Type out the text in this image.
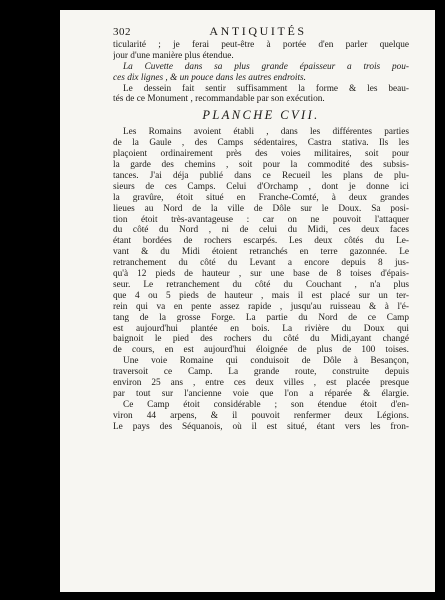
302	ANTIQUITÉS
ticularité ; je ferai peut-être à portée d'en parler quelque
jour d'une manière plus étendue.
La Cuvette dans sa plus grande épaisseur a trois pou-
ces dix lignes , & un pouce dans les autres endroits.
Le dessein fait sentir suffisamment la forme & les beau-
tés de ce Monument , recommandable par son exécution.
PLANCHE CVII.
Les Romains avoient établi , dans les différentes parties
de la Gaule , des Camps sédentaires, Castra stativa. Ils les
plaçoient ordinairement près des voies militaires, soit pour
la garde des chemins , soit pour la commodité des subsis-
tances. J'ai déja publié dans ce Recueil les plans de plu-
sieurs de ces Camps. Celui d'Orchamp , dont je donne ici
la gravûre, étoit situé en Franche-Comté, à deux grandes
lieues au Nord de la ville de Dôle sur le Doux. Sa posi-
tion étoit très-avantageuse : car on ne pouvoit l'attaquer
du côté du Nord , ni de celui du Midi, ces deux faces
étant bordées de rochers escarpés. Les deux côtés du Le-
vant & du Midi étoient retranchés en terre gazonnée. Le
retranchement du côté du Levant a encore depuis 8 jus-
qu'à 12 pieds de hauteur , sur une base de 8 toises d'épais-
seur. Le retranchement du côté du Couchant , n'a plus
que 4 ou 5 pieds de hauteur , mais il est placé sur un ter-
rein qui va en pente assez rapide , jusqu'au ruisseau & à l'é-
tang de la grosse Forge. La partie du Nord de ce Camp
est aujourd'hui plantée en bois. La rivière du Doux qui
baignoit le pied des rochers du côté du Midi,ayant changé
de cours, en est aujourd'hui éloignée de plus de 100 toises.
Une voie Romaine qui conduisoit de Dôle à Besançon,
traversoit ce Camp. La grande route, construite depuis
environ 25 ans , entre ces deux villes , est placée presque
par tout sur l'ancienne voie que l'on a réparée & élargie.
Ce Camp étoit considérable ; son étendue étoit d'en-
viron 44 arpens, & il pouvoit renfermer deux Légions.
Le pays des Séquanois, où il est situé, étant vers les fron-
